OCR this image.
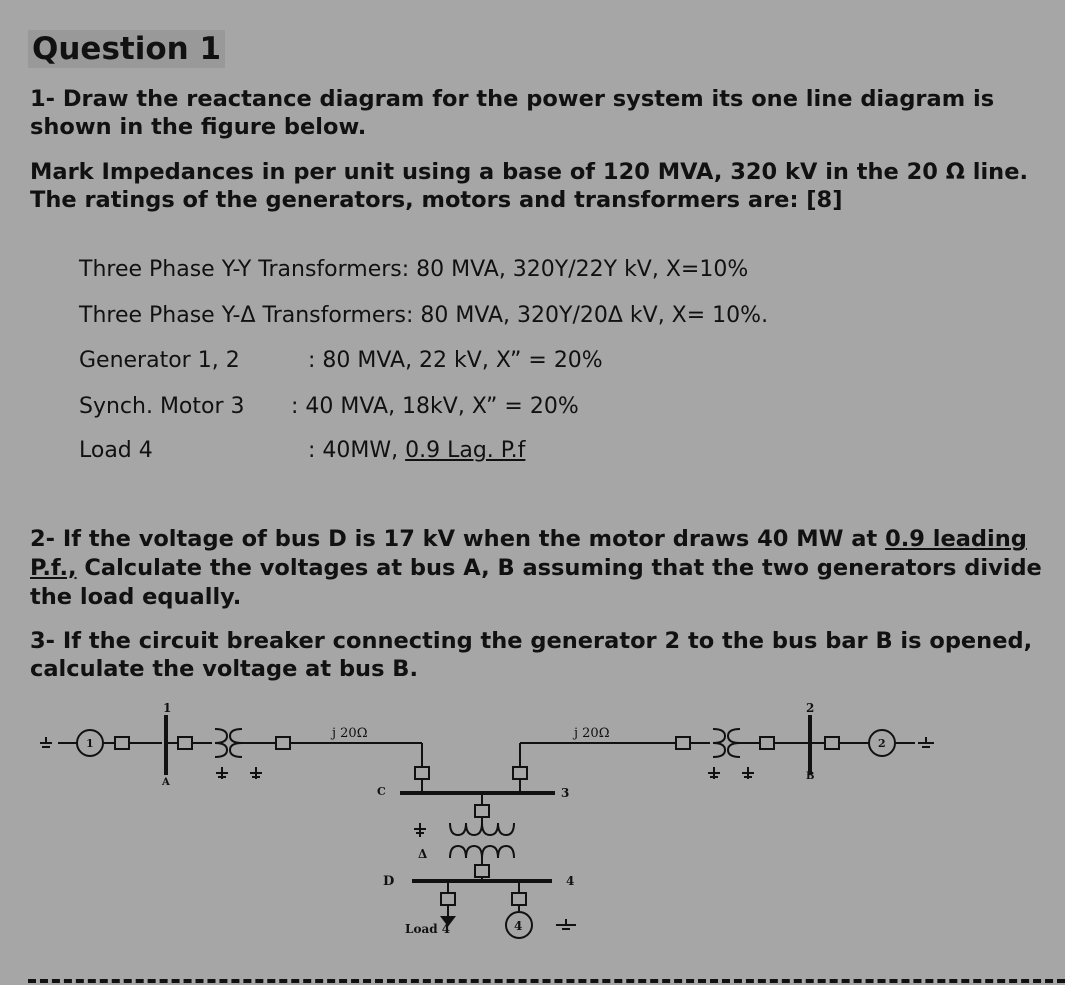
Question 1
1- Draw the reactance diagram for the power system its one line diagram is
shown in the figure below.
Mark Impedances in per unit using a base of 120 MVA, 320 kV in the 20 Ω line.
The ratings of the generators, motors and transformers are: [8]
Three Phase Y-Y Transformers: 80 MVA, 320Y/22Y kV, X=10%
Three Phase Y-Δ Transformers: 80 MVA, 320Y/20Δ kV, X= 10%.
Generator 1, 2	: 80 MVA, 22 kV, X” = 20%
Synch. Motor 3 : 40 MVA, 18kV, X” = 20%
Load 4	: 40MW, 0.9 Lag. P.f
2- If the voltage of bus D is 17 kV when the motor draws 40 MW at 0.9 leading
P.f., Calculate the voltages at bus A, B assuming that the two generators divide
the load equally.
3- If the circuit breaker connecting the generator 2 to the bus bar B is opened,
calculate the voltage at bus B.
1	2
1	2
A
B
C
D
3
4
j 20Ω	j 20Ω
Δ
Load 4	4
